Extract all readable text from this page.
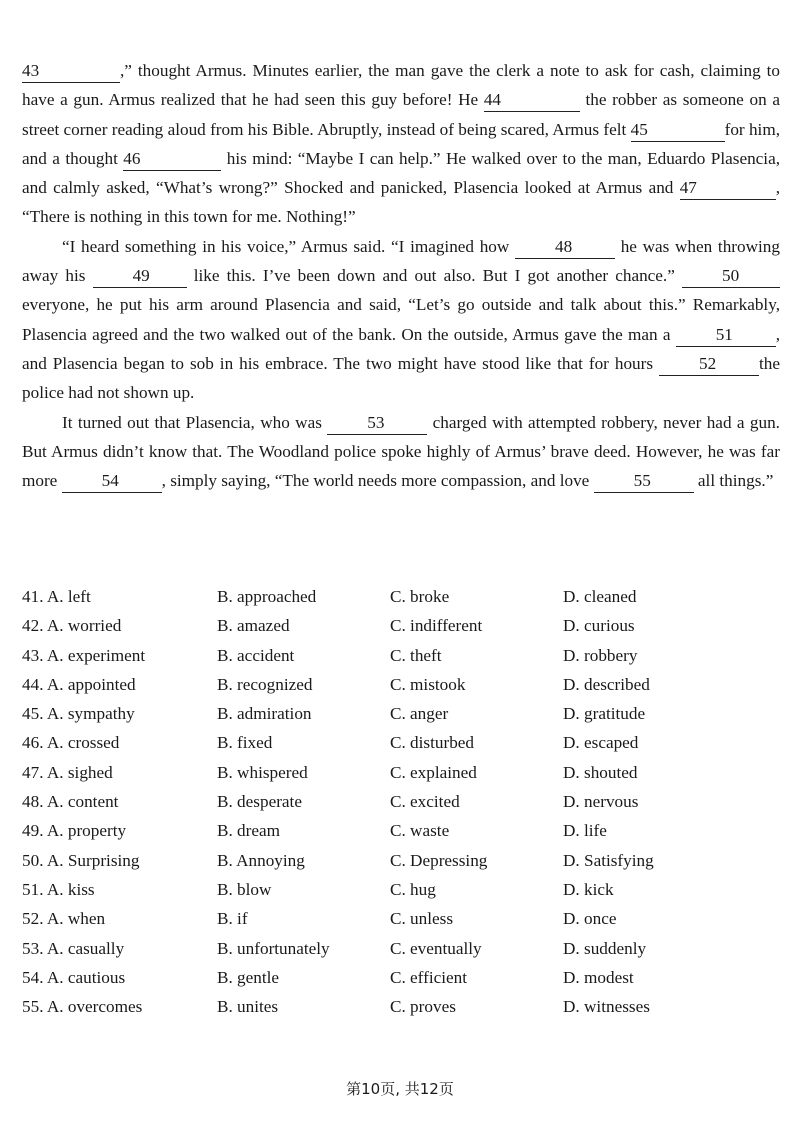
43	,” thought Armus. Minutes earlier, the man gave the clerk a note to ask for cash, claiming to have a gun. Armus realized that he had seen this guy before! He 44	the robber as someone on a street corner reading aloud from his Bible. Abruptly, instead of being scared, Armus felt 45	for him, and a thought 46	his mind: “Maybe I can help.” He walked over to the man, Eduardo Plasencia, and calmly asked, “What’s wrong?” Shocked and panicked, Plasencia looked at Armus and 47	, “There is nothing in this town for me. Nothing!”

“I heard something in his voice,” Armus said. “I imagined how 48 he was when throwing away his 49 like this. I’ve been down and out also. But I got another chance.” 50 everyone, he put his arm around Plasencia and said, “Let’s go outside and talk about this.” Remarkably, Plasencia agreed and the two walked out of the bank. On the outside, Armus gave the man a 51 , and Plasencia began to sob in his embrace. The two might have stood like that for hours 52 the police had not shown up.

It turned out that Plasencia, who was 53 charged with attempted robbery, never had a gun. But Armus didn’t know that. The Woodland police spoke highly of Armus’ brave deed. However, he was far more 54 , simply saying, “The world needs more compassion, and love 55 all things.”

41. A. left	B. approached	C. broke	D. cleaned
42. A. worried	B. amazed	C. indifferent	D. curious
43. A. experiment	B. accident	C. theft	D. robbery
44. A. appointed	B. recognized	C. mistook	D. described
45. A. sympathy	B. admiration	C. anger	D. gratitude
46. A. crossed	B. fixed	C. disturbed	D. escaped
47. A. sighed	B. whispered	C. explained	D. shouted
48. A. content	B. desperate	C. excited	D. nervous
49. A. property	B. dream	C. waste	D. life
50. A. Surprising	B. Annoying	C. Depressing	D. Satisfying
51. A. kiss	B. blow	C. hug	D. kick
52. A. when	B. if	C. unless	D. once
53. A. casually	B. unfortunately	C. eventually	D. suddenly
54. A. cautious	B. gentle	C. efficient	D. modest
55. A. overcomes	B. unites	C. proves	D. witnesses
第10页, 共12页
